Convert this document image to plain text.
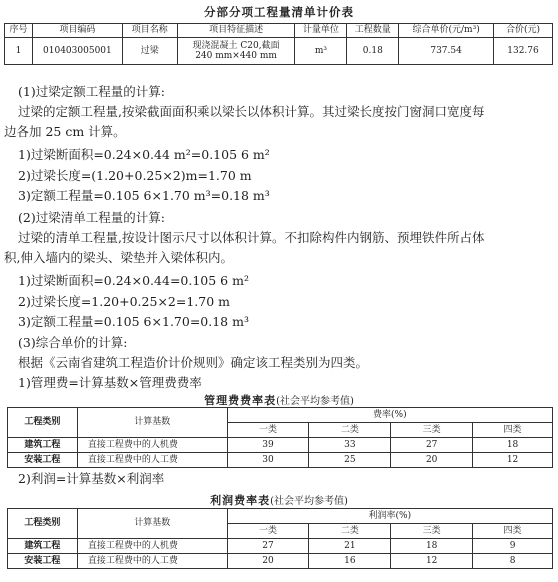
分部分项工程量清单计价表
序号	项目编码	项目名称	项目特征描述	计量单位	工程数量	综合单价(元/m³)	合价(元)
1	010403005001	过梁	现浇混凝土 C20,截面
240 mm×440 mm	m³	0.18	737.54	132.76
(1)过梁定额工程量的计算:
过梁的定额工程量,按梁截面面积乘以梁长以体积计算。其过梁长度按门窗洞口宽度每
边各加 25 cm 计算。
1)过梁断面积=0.24×0.44 m²=0.105 6 m²
2)过梁长度=(1.20+0.25×2)m=1.70 m
3)定额工程量=0.105 6×1.70 m³=0.18 m³
(2)过梁清单工程量的计算:
过梁的清单工程量,按设计图示尺寸以体积计算。不扣除构件内钢筋、预埋铁件所占体
积,伸入墙内的梁头、梁垫并入梁体积内。
1)过梁断面积=0.24×0.44=0.105 6 m²
2)过梁长度=1.20+0.25×2=1.70 m
3)定额工程量=0.105 6×1.70=0.18 m³
(3)综合单价的计算:
根据《云南省建筑工程造价计价规则》确定该工程类别为四类。
1)管理费=计算基数×管理费费率
管理费费率表(社会平均参考值)
工程类别	计算基数	费率(%)			
		一类	二类	三类	四类
建筑工程	直接工程费中的人机费	39	33	27	18
安装工程	直接工程费中的人工费	30	25	20	12
2)利润=计算基数×利润率
利润费率表(社会平均参考值)
工程类别	计算基数	利润率(%)			
		一类	二类	三类	四类
建筑工程	直接工程费中的人机费	27	21	18	9
安装工程	直接工程费中的人工费	20	16	12	8
